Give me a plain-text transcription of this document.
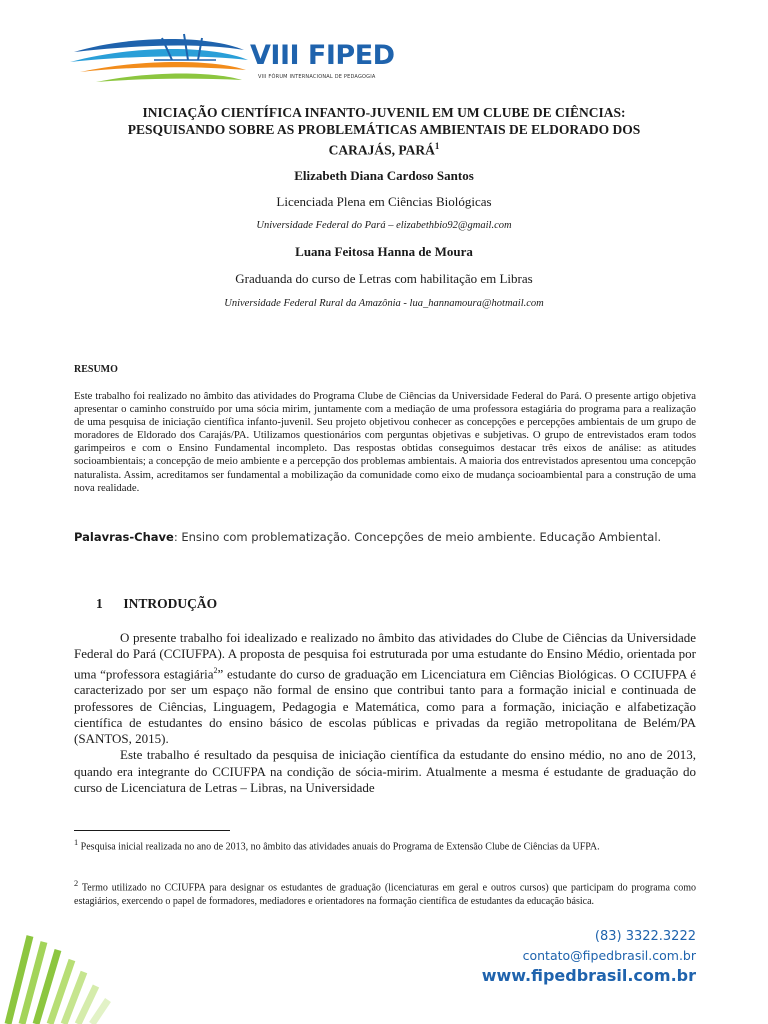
VIII FIPED
VIII FÓRUM INTERNACIONAL DE PEDAGOGIA
INICIAÇÃO CIENTÍFICA INFANTO-JUVENIL EM UM CLUBE DE CIÊNCIAS:
PESQUISANDO SOBRE AS PROBLEMÁTICAS AMBIENTAIS DE ELDORADO DOS
CARAJÁS, PARÁ$^1$
Elizabeth Diana Cardoso Santos
Licenciada Plena em Ciências Biológicas
Universidade Federal do Pará – elizabethbio92@gmail.com
Luana Feitosa Hanna de Moura
Graduanda do curso de Letras com habilitação em Libras
Universidade Federal Rural da Amazônia - lua_hannamoura@hotmail.com
RESUMO
Este trabalho foi realizado no âmbito das atividades do Programa Clube de Ciências da Universidade Federal do Pará. O presente artigo objetiva apresentar o caminho construído por uma sócia mirim, juntamente com a mediação de uma professora estagiária do programa para a realização de uma pesquisa de iniciação científica infanto-juvenil. Seu projeto objetivou conhecer as concepções e percepções ambientais de um grupo de moradores de Eldorado dos Carajás/PA. Utilizamos questionários com perguntas objetivas e subjetivas. O grupo de entrevistados eram todos garimpeiros e com o Ensino Fundamental incompleto. Das respostas obtidas conseguimos destacar três eixos de análise: as atitudes socioambientais; a concepção de meio ambiente e a percepção dos problemas ambientais. A maioria dos entrevistados apresentou uma concepção naturalista. Assim, acreditamos ser fundamental a mobilização da comunidade como eixo de mudança socioambiental para a construção de uma nova realidade.
Palavras-Chave: Ensino com problematização. Concepções de meio ambiente. Educação Ambiental.
1 INTRODUÇÃO

O presente trabalho foi idealizado e realizado no âmbito das atividades do Clube de Ciências da Universidade Federal do Pará (CCIUFPA). A proposta de pesquisa foi estruturada por uma estudante do Ensino Médio, orientada por uma “professora estagiária$^2$” estudante do curso de graduação em Licenciatura em Ciências Biológicas. O CCIUFPA é caracterizado por ser um espaço não formal de ensino que contribui tanto para a formação inicial e continuada de professores de Ciências, Linguagem, Pedagogia e Matemática, como para a formação, iniciação e alfabetização científica de estudantes do ensino básico de escolas públicas e privadas da região metropolitana de Belém/PA (SANTOS, 2015).

Este trabalho é resultado da pesquisa de iniciação científica da estudante do ensino médio, no ano de 2013, quando era integrante do CCIUFPA na condição de sócia-mirim. Atualmente a mesma é estudante de graduação do curso de Licenciatura de Letras – Libras, na Universidade

$^1$ Pesquisa inicial realizada no ano de 2013, no âmbito das atividades anuais do Programa de Extensão Clube de Ciências da UFPA.
$^2$ Termo utilizado no CCIUFPA para designar os estudantes de graduação (licenciaturas em geral e outros cursos) que participam do programa como estagiários, exercendo o papel de formadores, mediadores e orientadores na formação científica de estudantes da educação básica.
(83) 3322.3222
contato@fipedbrasil.com.br
www.fipedbrasil.com.br
